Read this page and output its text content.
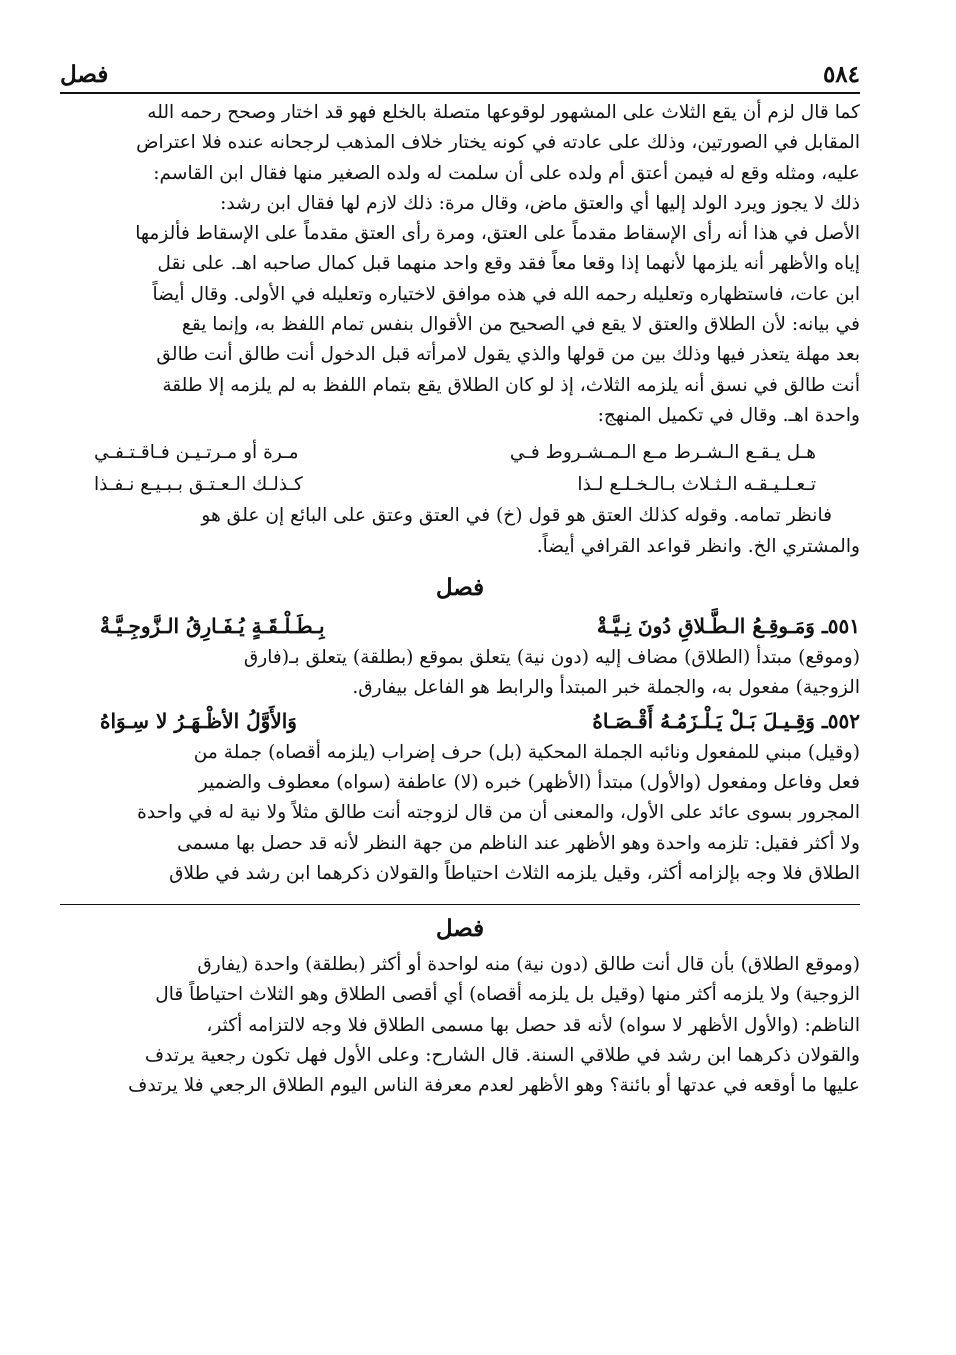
٥٨٤
فصل

كما قال لزم أن يقع الثلاث على المشهور لوقوعها متصلة بالخلع فهو قد اختار وصحح رحمه الله

المقابل في الصورتين، وذلك على عادته في كونه يختار خلاف المذهب لرجحانه عنده فلا اعتراض

عليه، ومثله وقع له فيمن أعتق أم ولده على أن سلمت له ولده الصغير منها فقال ابن القاسم:

ذلك لا يجوز ويرد الولد إليها أي والعتق ماض، وقال مرة: ذلك لازم لها فقال ابن رشد:

الأصل في هذا أنه رأى الإسقاط مقدماً على العتق، ومرة رأى العتق مقدماً على الإسقاط فألزمها

إياه والأظهر أنه يلزمها لأنهما إذا وقعا معاً فقد وقع واحد منهما قبل كمال صاحبه اهـ. على نقل

ابن عات، فاستظهاره وتعليله رحمه الله في هذه موافق لاختياره وتعليله في الأولى. وقال أيضاً

في بيانه: لأن الطلاق والعتق لا يقع في الصحيح من الأقوال بنفس تمام اللفظ به، وإنما يقع

بعد مهلة يتعذر فيها وذلك بين من قولها والذي يقول لامرأته قبل الدخول أنت طالق أنت طالق

أنت طالق في نسق أنه يلزمه الثلاث، إذ لو كان الطلاق يقع بتمام اللفظ به لم يلزمه إلا طلقة

واحدة اهـ. وقال في تكميل المنهج:

هـل يـقـع الـشـرط مـع الـمـشـروط فـي
مـرة أو مـرتـيـن فـاقـتـفـي
تـعـلـيـقـه الـثـلاث بـالـخـلـع لـذا
كـذلـك الـعـتـق بـبـيـع نـفـذا

فانظر تمامه. وقوله كذلك العتق هو قول (خ) في العتق وعتق على البائع إن علق هو

والمشتري الخ. وانظر قواعد القرافي أيضاً.

فصل
٥٥١ـ وَمَـوقِـعُ الـطَّـلاقِ دُونَ نِـيَّـةْ
بِـطَـلْـقَـةٍ يُـفَـارِقُ الـزَّوجِـيَّـةْ

(وموقع) مبتدأ (الطلاق) مضاف إليه (دون نية) يتعلق بموقع (بطلقة) يتعلق بـ(فارق

الزوجية) مفعول به، والجملة خبر المبتدأ والرابط هو الفاعل بيفارق.

٥٥٢ـ وَقِـيـلَ بَـلْ يَـلْـزَمُـهُ أَقْـصَـاهُ
وَالأَوَّلُ الأظْـهَـرُ لا سِـوَاهُ

(وقيل) مبني للمفعول ونائبه الجملة المحكية (بل) حرف إضراب (يلزمه أقصاه) جملة من

فعل وفاعل ومفعول (والأول) مبتدأ (الأظهر) خبره (لا) عاطفة (سواه) معطوف والضمير

المجرور بسوى عائد على الأول، والمعنى أن من قال لزوجته أنت طالق مثلاً ولا نية له في واحدة

ولا أكثر فقيل: تلزمه واحدة وهو الأظهر عند الناظم من جهة النظر لأنه قد حصل بها مسمى

الطلاق فلا وجه بإلزامه أكثر، وقيل يلزمه الثلاث احتياطاً والقولان ذكرهما ابن رشد في طلاق

فصل

(وموقع الطلاق) بأن قال أنت طالق (دون نية) منه لواحدة أو أكثر (بطلقة) واحدة (يفارق

الزوجية) ولا يلزمه أكثر منها (وقيل بل يلزمه أقصاه) أي أقصى الطلاق وهو الثلاث احتياطاً قال

الناظم: (والأول الأظهر لا سواه) لأنه قد حصل بها مسمى الطلاق فلا وجه لالتزامه أكثر،

والقولان ذكرهما ابن رشد في طلاقي السنة. قال الشارح: وعلى الأول فهل تكون رجعية يرتدف

عليها ما أوقعه في عدتها أو بائنة؟ وهو الأظهر لعدم معرفة الناس اليوم الطلاق الرجعي فلا يرتدف
